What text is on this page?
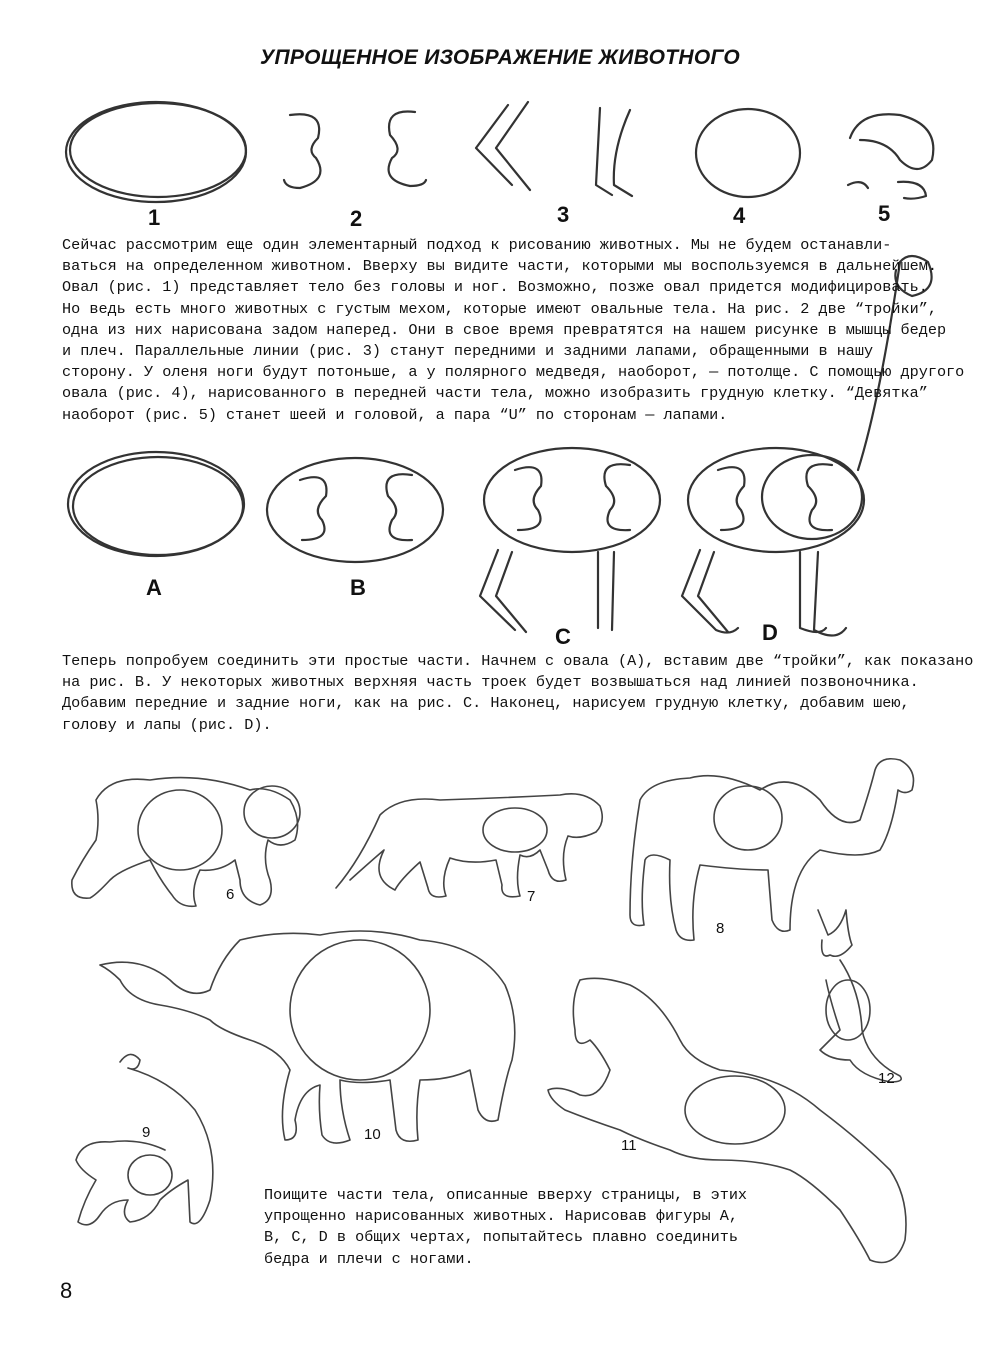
УПРОЩЕННОЕ ИЗОБРАЖЕНИЕ ЖИВОТНОГО
1	2	3	4	5
Сейчас рассмотрим еще один элементарный подход к рисованию животных. Мы не будем останавли-
ваться на определенном животном. Вверху вы видите части, которыми мы воспользуемся в дальнейшем.
Овал (рис. 1) представляет тело без головы и ног. Возможно, позже овал придется модифицировать.
Но ведь есть много животных с густым мехом, которые имеют овальные тела. На рис. 2 две “тройки”,
одна из них нарисована задом наперед. Они в свое время превратятся на нашем рисунке в мышцы бедер
и плеч. Параллельные линии (рис. 3) станут передними и задними лапами, обращенными в нашу
сторону. У оленя ноги будут потоньше, а у полярного медведя, наоборот, — потолще. С помощью другого
овала (рис. 4), нарисованного в передней части тела, можно изобразить грудную клетку. “Девятка”
наоборот (рис. 5) станет шеей и головой, а пара “U” по сторонам — лапами.
A	B
C	D
Теперь попробуем соединить эти простые части. Начнем с овала (A), вставим две “тройки”, как показано
на рис. B. У некоторых животных верхняя часть троек будет возвышаться над линией позвоночника.
Добавим передние и задние ноги, как на рис. C. Наконец, нарисуем грудную клетку, добавим шею,
голову и лапы (рис. D).
6	7
8
9	10
11
12
Поищите части тела, описанные вверху страницы, в этих
упрощенно нарисованных животных. Нарисовав фигуры A,
B, C, D в общих чертах, попытайтесь плавно соединить
бедра и плечи с ногами.
8
